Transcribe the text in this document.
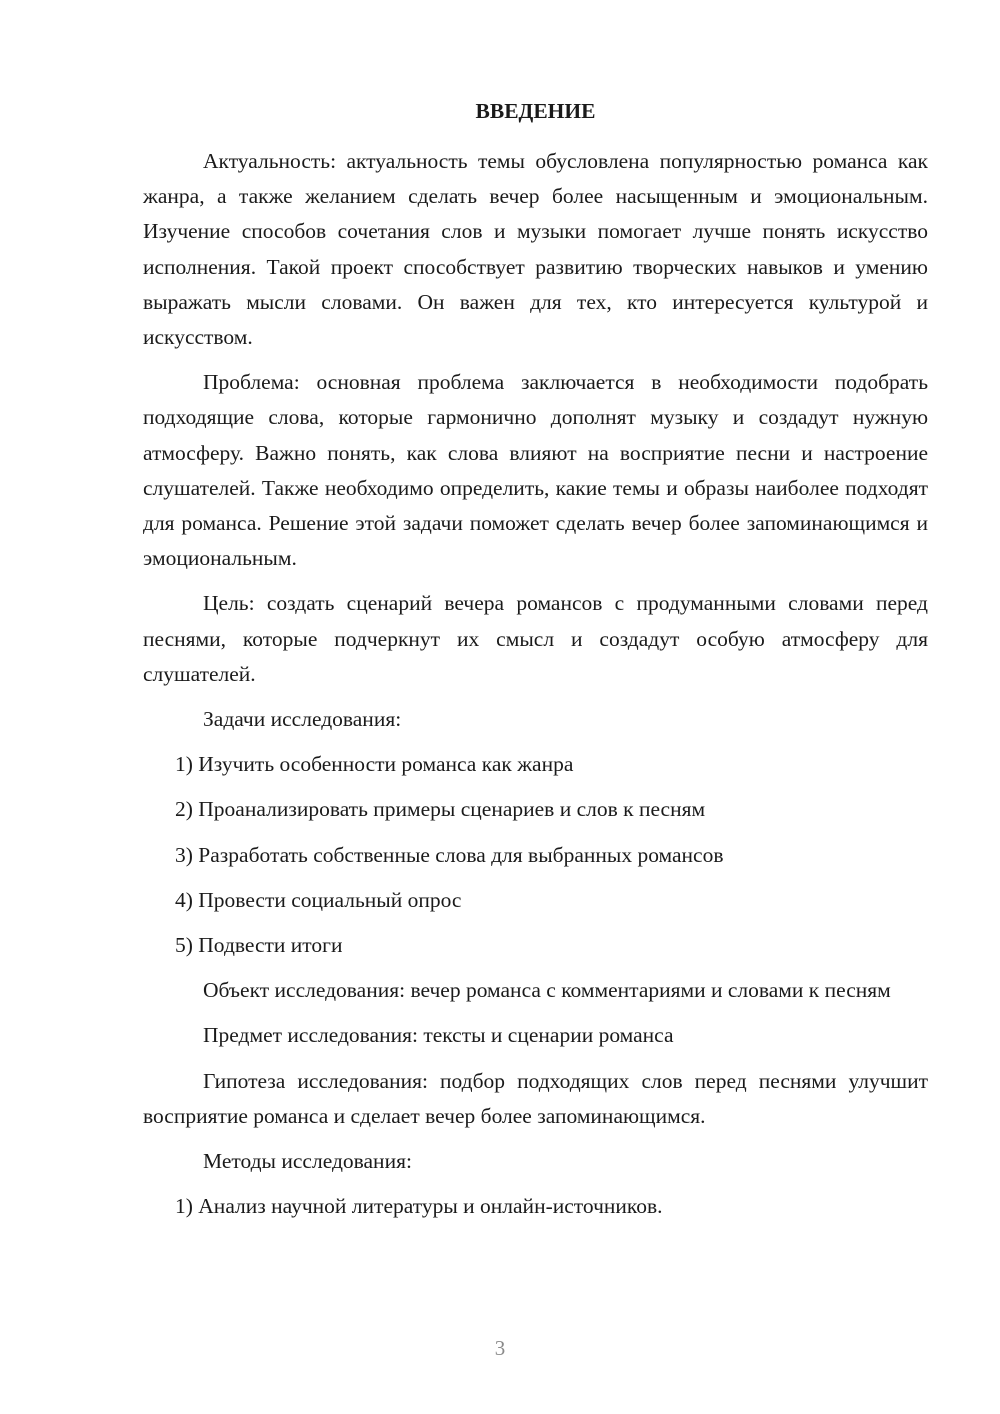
ВВЕДЕНИЕ

Актуальность: актуальность темы обусловлена популярностью романса как жанра, а также желанием сделать вечер более насыщенным и эмоциональным. Изучение способов сочетания слов и музыки помогает лучше понять искусство исполнения. Такой проект способствует развитию творческих навыков и умению выражать мысли словами. Он важен для тех, кто интересуется культурой и искусством.

Проблема: основная проблема заключается в необходимости подобрать подходящие слова, которые гармонично дополнят музыку и создадут нужную атмосферу. Важно понять, как слова влияют на восприятие песни и настроение слушателей. Также необходимо определить, какие темы и образы наиболее подходят для романса. Решение этой задачи поможет сделать вечер более запоминающимся и эмоциональным.

Цель: создать сценарий вечера романсов с продуманными словами перед песнями, которые подчеркнут их смысл и создадут особую атмосферу для слушателей.

Задачи исследования:

1) Изучить особенности романса как жанра
2) Проанализировать примеры сценариев и слов к песням
3) Разработать собственные слова для выбранных романсов
4) Провести социальный опрос
5) Подвести итоги

Объект исследования: вечер романса с комментариями и словами к песням

Предмет исследования: тексты и сценарии романса

Гипотеза исследования: подбор подходящих слов перед песнями улучшит восприятие романса и сделает вечер более запоминающимся.

Методы исследования:

1) Анализ научной литературы и онлайн-источников.
3
